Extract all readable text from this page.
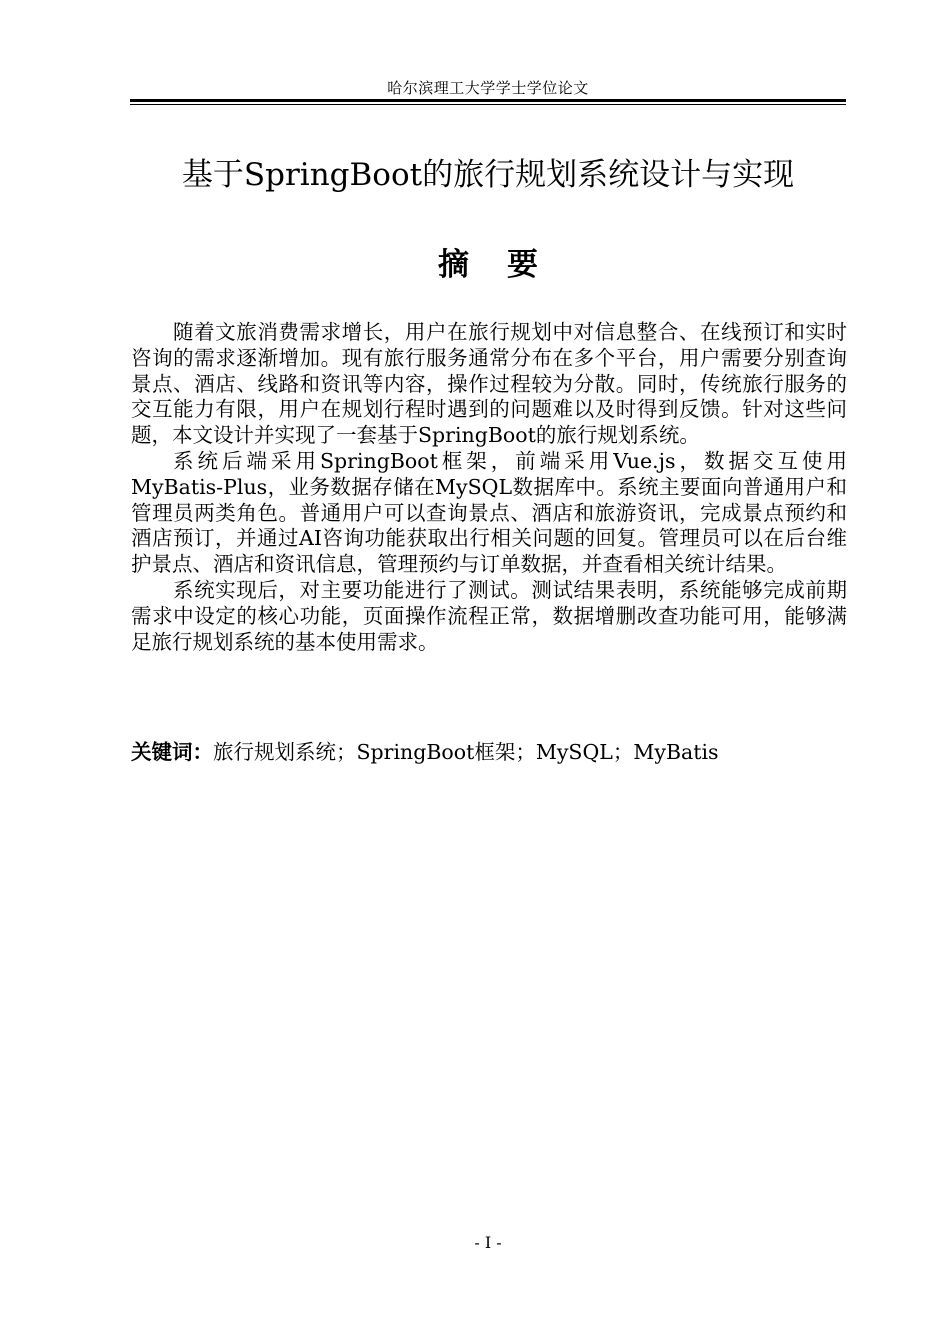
哈尔滨理工大学学士学位论文
基于SpringBoot的旅行规划系统设计与实现
摘要

随着文旅消费需求增长，用户在旅行规划中对信息整合、在线预订和实时咨询的需求逐渐增加。现有旅行服务通常分布在多个平台，用户需要分别查询景点、酒店、线路和资讯等内容，操作过程较为分散。同时，传统旅行服务的交互能力有限，用户在规划行程时遇到的问题难以及时得到反馈。针对这些问题，本文设计并实现了一套基于SpringBoot的旅行规划系统。

系统后端采用SpringBoot框架，前端采用Vue.js，数据交互使用MyBatis-Plus，业务数据存储在MySQL数据库中。系统主要面向普通用户和管理员两类角色。普通用户可以查询景点、酒店和旅游资讯，完成景点预约和酒店预订，并通过AI咨询功能获取出行相关问题的回复。管理员可以在后台维护景点、酒店和资讯信息，管理预约与订单数据，并查看相关统计结果。

系统实现后，对主要功能进行了测试。测试结果表明，系统能够完成前期需求中设定的核心功能，页面操作流程正常，数据增删改查功能可用，能够满足旅行规划系统的基本使用需求。

关键词：旅行规划系统；SpringBoot框架；MySQL；MyBatis
- I -
